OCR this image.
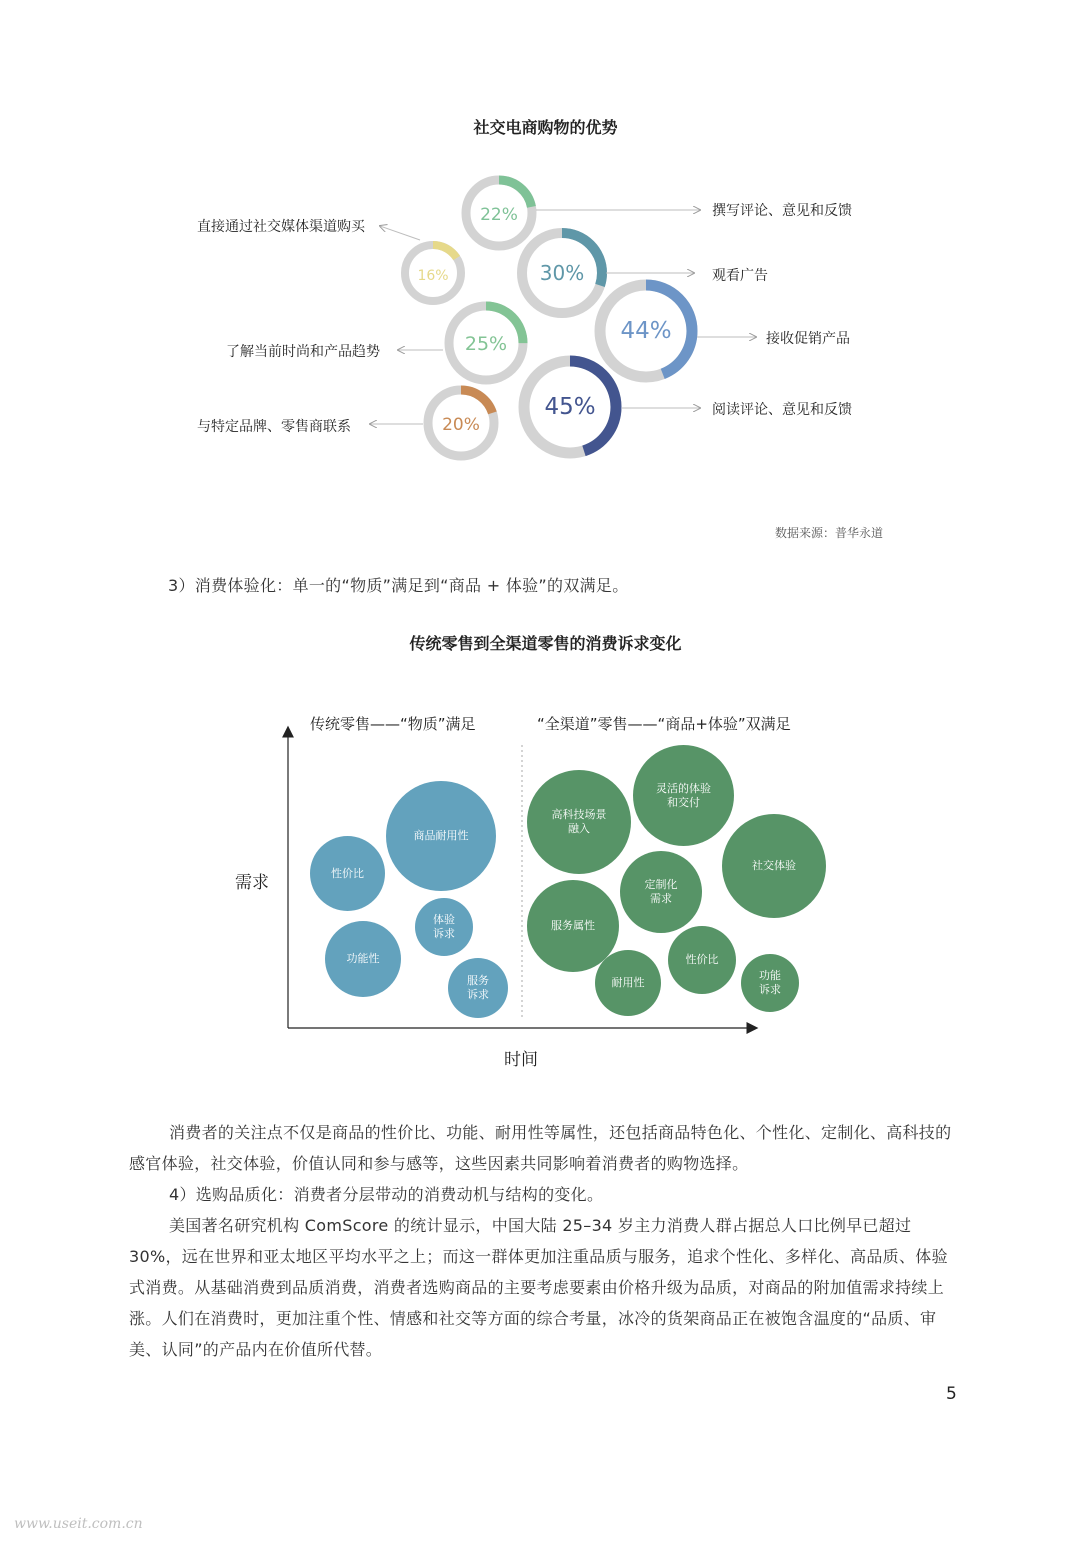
社交电商购物的优势
22%
16%	30%
44%
25%
45%
20%
撰写评论、意见和反馈
直接通过社交媒体渠道购买
观看广告
接收促销产品
了解当前时尚和产品趋势
阅读评论、意见和反馈
与特定品牌、零售商联系
数据来源：普华永道
3）消费体验化：单一的“物质”满足到“商品 + 体验”的双满足。
传统零售到全渠道零售的消费诉求变化
传统零售——“物质”满足	“全渠道”零售——“商品+体验”双满足
需求
时间
商品耐用性
性价比
体验
诉求
功能性
服务
诉求
灵活的体验
和交付
高科技场景
融入
社交体验
定制化
需求
服务属性
性价比
耐用性
功能
诉求

消费者的关注点不仅是商品的性价比、功能、耐用性等属性，还包括商品特色化、个性化、定制化、高科技的感官体验，社交体验，价值认同和参与感等，这些因素共同影响着消费者的购物选择。

4）选购品质化：消费者分层带动的消费动机与结构的变化。

美国著名研究机构 ComScore 的统计显示，中国大陆 25–34 岁主力消费人群占据总人口比例早已超过 30%，远在世界和亚太地区平均水平之上；而这一群体更加注重品质与服务，追求个性化、多样化、高品质、体验式消费。从基础消费到品质消费，消费者选购商品的主要考虑要素由价格升级为品质，对商品的附加值需求持续上涨。人们在消费时，更加注重个性、情感和社交等方面的综合考量，冰冷的货架商品正在被饱含温度的“品质、审美、认同”的产品内在价值所代替。

5
www.useit.com.cn
